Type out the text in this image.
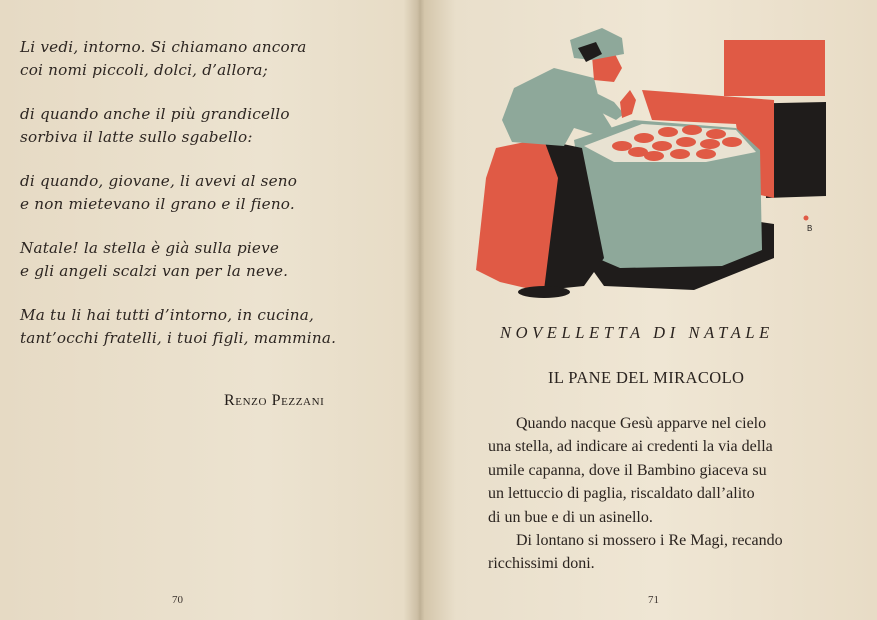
Li vedi, intorno. Si chiamano ancora
coi nomi piccoli, dolci, d’allora;
di quando anche il più grandicello
sorbiva il latte sullo sgabello:
di quando, giovane, li avevi al seno
e non mietevano il grano e il fieno.
Natale! la stella è già sulla pieve
e gli angeli scalzi van per la neve.
Ma tu li hai tutti d’intorno, in cucina,
tant’occhi fratelli, i tuoi figli, mammina.
Renzo Pezzani
70
B
NOVELLETTA DI NATALE
IL PANE DEL MIRACOLO

Quando nacque Gesù apparve nel cielo
una stella, ad indicare ai credenti la via della
umile capanna, dove il Bambino giaceva su
un lettuccio di paglia, riscaldato dall’alito
di un bue e di un asinello.

Di lontano si mossero i Re Magi, recando
ricchissimi doni.

71
